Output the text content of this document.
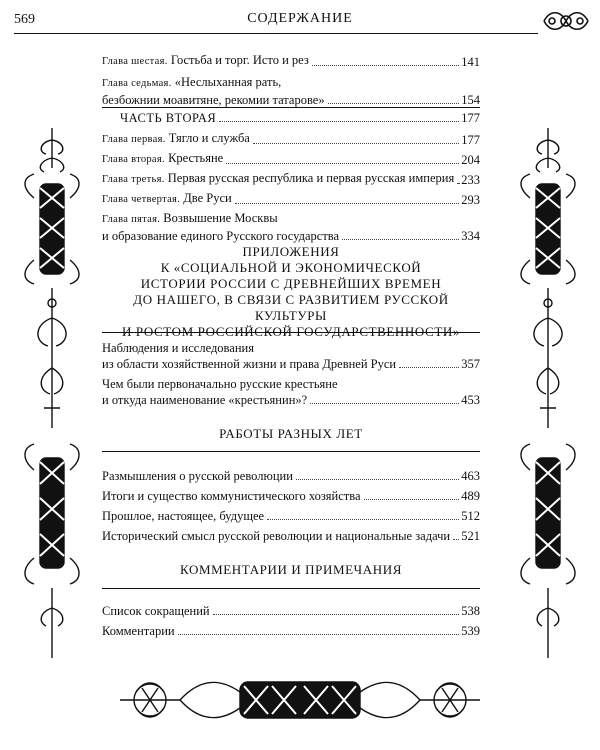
569	СОДЕРЖАНИЕ
Глава шестая. Гостьба и торг. Исто и рез	141
Глава седьмая. «Неслыханная рать,
безбожнии моавитяне, рекомии татарове»	154
ЧАСТЬ ВТОРАЯ	177
Глава первая. Тягло и служба	177
Глава вторая. Крестьяне	204
Глава третья. Первая русская республика и первая русская империя 233
Глава четвертая. Две Руси	293
Глава пятая. Возвышение Москвы
и образование единого Русского государства	334
ПРИЛОЖЕНИЯ
К «СОЦИАЛЬНОЙ И ЭКОНОМИЧЕСКОЙ
ИСТОРИИ РОССИИ С ДРЕВНЕЙШИХ ВРЕМЕН
ДО НАШЕГО, В СВЯЗИ С РАЗВИТИЕМ РУССКОЙ КУЛЬТУРЫ
И РОСТОМ РОССИЙСКОЙ ГОСУДАРСТВЕННОСТИ»
Наблюдения и исследования
из области хозяйственной жизни и права Древней Руси	357
Чем были первоначально русские крестьяне
и откуда наименование «крестьянин»?	453
РАБОТЫ РАЗНЫХ ЛЕТ
Размышления о русской революции	463
Итоги и существо коммунистического хозяйства	489
Прошлое, настоящее, будущее	512
Исторический смысл русской революции и национальные задачи 521
КОММЕНТАРИИ И ПРИМЕЧАНИЯ
Список сокращений	538
Комментарии	539
